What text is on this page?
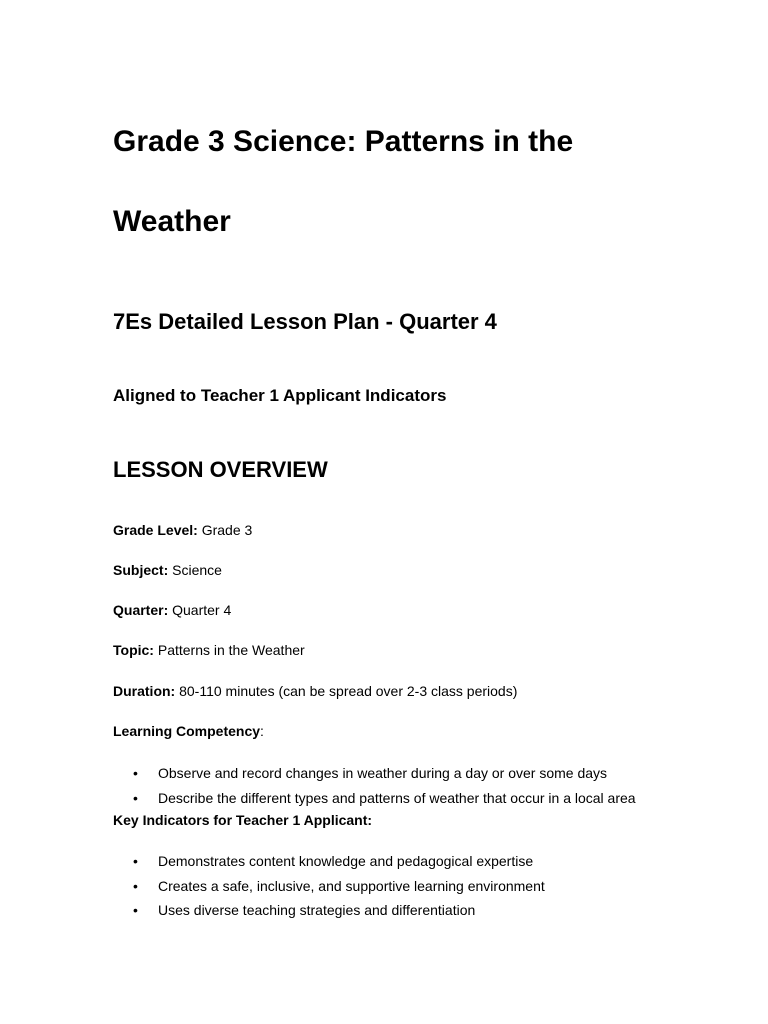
Grade 3 Science: Patterns in the
Weather
7Es Detailed Lesson Plan - Quarter 4
Aligned to Teacher 1 Applicant Indicators
LESSON OVERVIEW

Grade Level: Grade 3

Subject: Science

Quarter: Quarter 4

Topic: Patterns in the Weather

Duration: 80-110 minutes (can be spread over 2-3 class periods)

Learning Competency:

• Observe and record changes in weather during a day or over some days
• Describe the different types and patterns of weather that occur in a local area

Key Indicators for Teacher 1 Applicant:

• Demonstrates content knowledge and pedagogical expertise
• Creates a safe, inclusive, and supportive learning environment
• Uses diverse teaching strategies and differentiation
